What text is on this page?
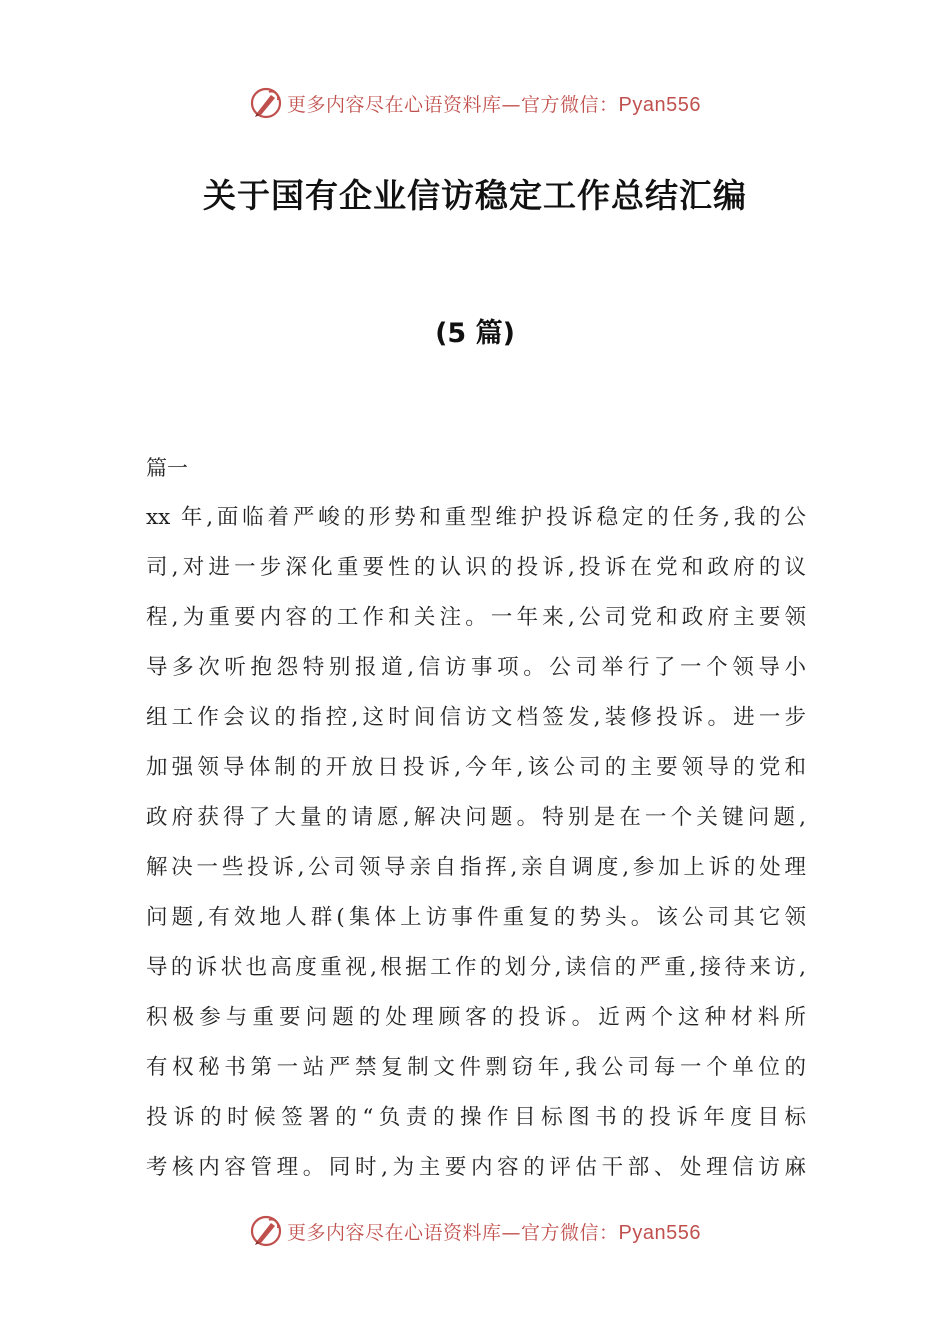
更多内容尽在心语资料库—官方微信：Pyan556
关于国有企业信访稳定工作总结汇编
(5 篇)
篇一
xx 年,面临着严峻的形势和重型维护投诉稳定的任务,我的公
司,对进一步深化重要性的认识的投诉,投诉在党和政府的议
程,为重要内容的工作和关注。一年来,公司党和政府主要领
导多次听抱怨特别报道,信访事项。公司举行了一个领导小
组工作会议的指控,这时间信访文档签发,装修投诉。进一步
加强领导体制的开放日投诉,今年,该公司的主要领导的党和
政府获得了大量的请愿,解决问题。特别是在一个关键问题,
解决一些投诉,公司领导亲自指挥,亲自调度,参加上诉的处理
问题,有效地人群(集体上访事件重复的势头。该公司其它领
导的诉状也高度重视,根据工作的划分,读信的严重,接待来访,
积极参与重要问题的处理顾客的投诉。近两个这种材料所
有权秘书第一站严禁复制文件剽窃年,我公司每一个单位的
投诉的时候签署的“负责的操作目标图书的投诉年度目标
考核内容管理。同时,为主要内容的评估干部、处理信访麻
更多内容尽在心语资料库—官方微信：Pyan556
